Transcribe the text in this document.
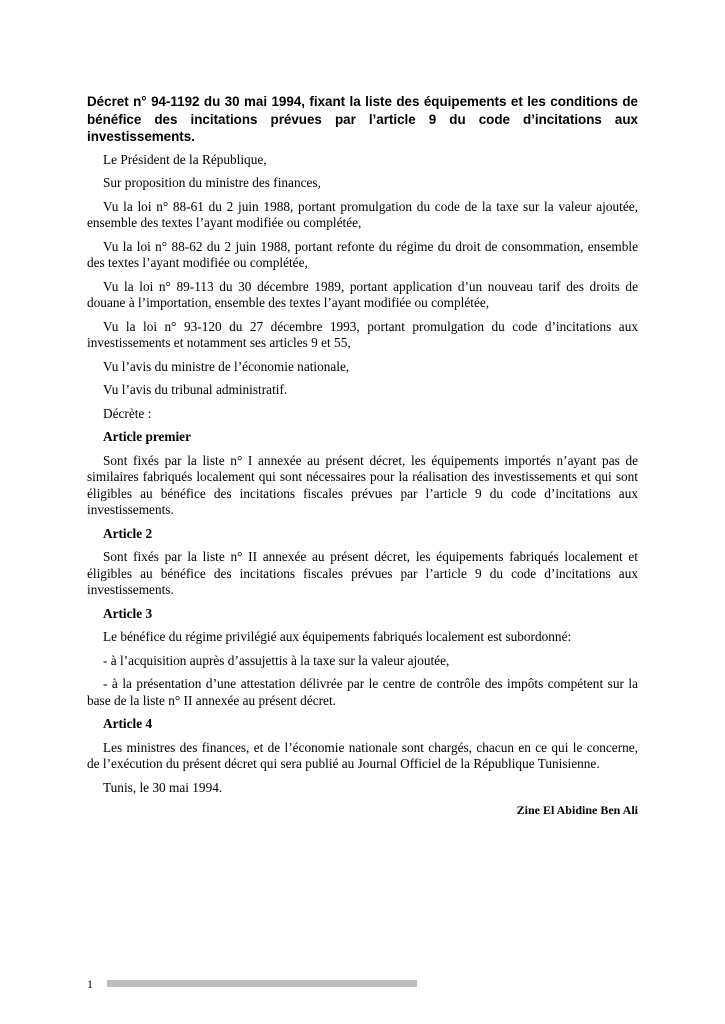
Décret n° 94-1192 du 30 mai 1994, fixant la liste des équipements et les conditions de bénéfice des incitations prévues par l’article 9 du code d’incitations aux investissements.

Le Président de la République,

Sur proposition du ministre des finances,

Vu la loi n° 88-61 du 2 juin 1988, portant promulgation du code de la taxe sur la valeur ajoutée, ensemble des textes l’ayant modifiée ou complétée,

Vu la loi n° 88-62 du 2 juin 1988, portant refonte du régime du droit de consommation, ensemble des textes l’ayant modifiée ou complétée,

Vu la loi n° 89-113 du 30 décembre 1989, portant application d’un nouveau tarif des droits de douane à l’importation, ensemble des textes l’ayant modifiée ou complétée,

Vu la loi n° 93-120 du 27 décembre 1993, portant promulgation du code d’incitations aux investissements et notamment ses articles 9 et 55,

Vu l’avis du ministre de l’économie nationale,

Vu l’avis du tribunal administratif.

Décrète :

Article premier

Sont fixés par la liste n° I annexée au présent décret, les équipements importés n’ayant pas de similaires fabriqués localement qui sont nécessaires pour la réalisation des investissements et qui sont éligibles au bénéfice des incitations fiscales prévues par l’article 9 du code d’incitations aux investissements.

Article 2

Sont fixés par la liste n° II annexée au présent décret, les équipements fabriqués localement et éligibles au bénéfice des incitations fiscales prévues par l’article 9 du code d’incitations aux investissements.

Article 3

Le bénéfice du régime privilégié aux équipements fabriqués localement est subordonné:

- à l’acquisition auprès d’assujettis à la taxe sur la valeur ajoutée,

- à la présentation d’une attestation délivrée par le centre de contrôle des impôts compétent sur la base de la liste n° II annexée au présent décret.

Article 4

Les ministres des finances, et de l’économie nationale sont chargés, chacun en ce qui le concerne, de l’exécution du présent décret qui sera publié au Journal Officiel de la République Tunisienne.

Tunis, le 30 mai 1994.

Zine El Abidine Ben Ali
1
